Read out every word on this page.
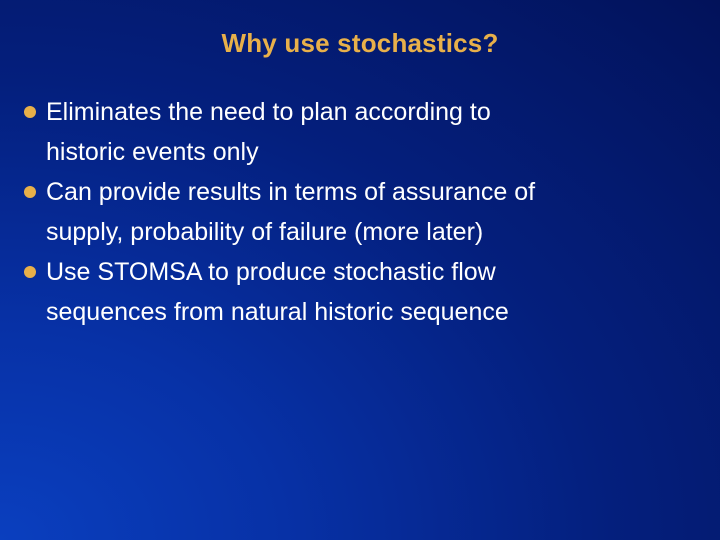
Why use stochastics?
Eliminates the need to plan according to
historic events only
Can provide results in terms of assurance of
supply, probability of failure (more later)
Use STOMSA to produce stochastic flow
sequences from natural historic sequence
